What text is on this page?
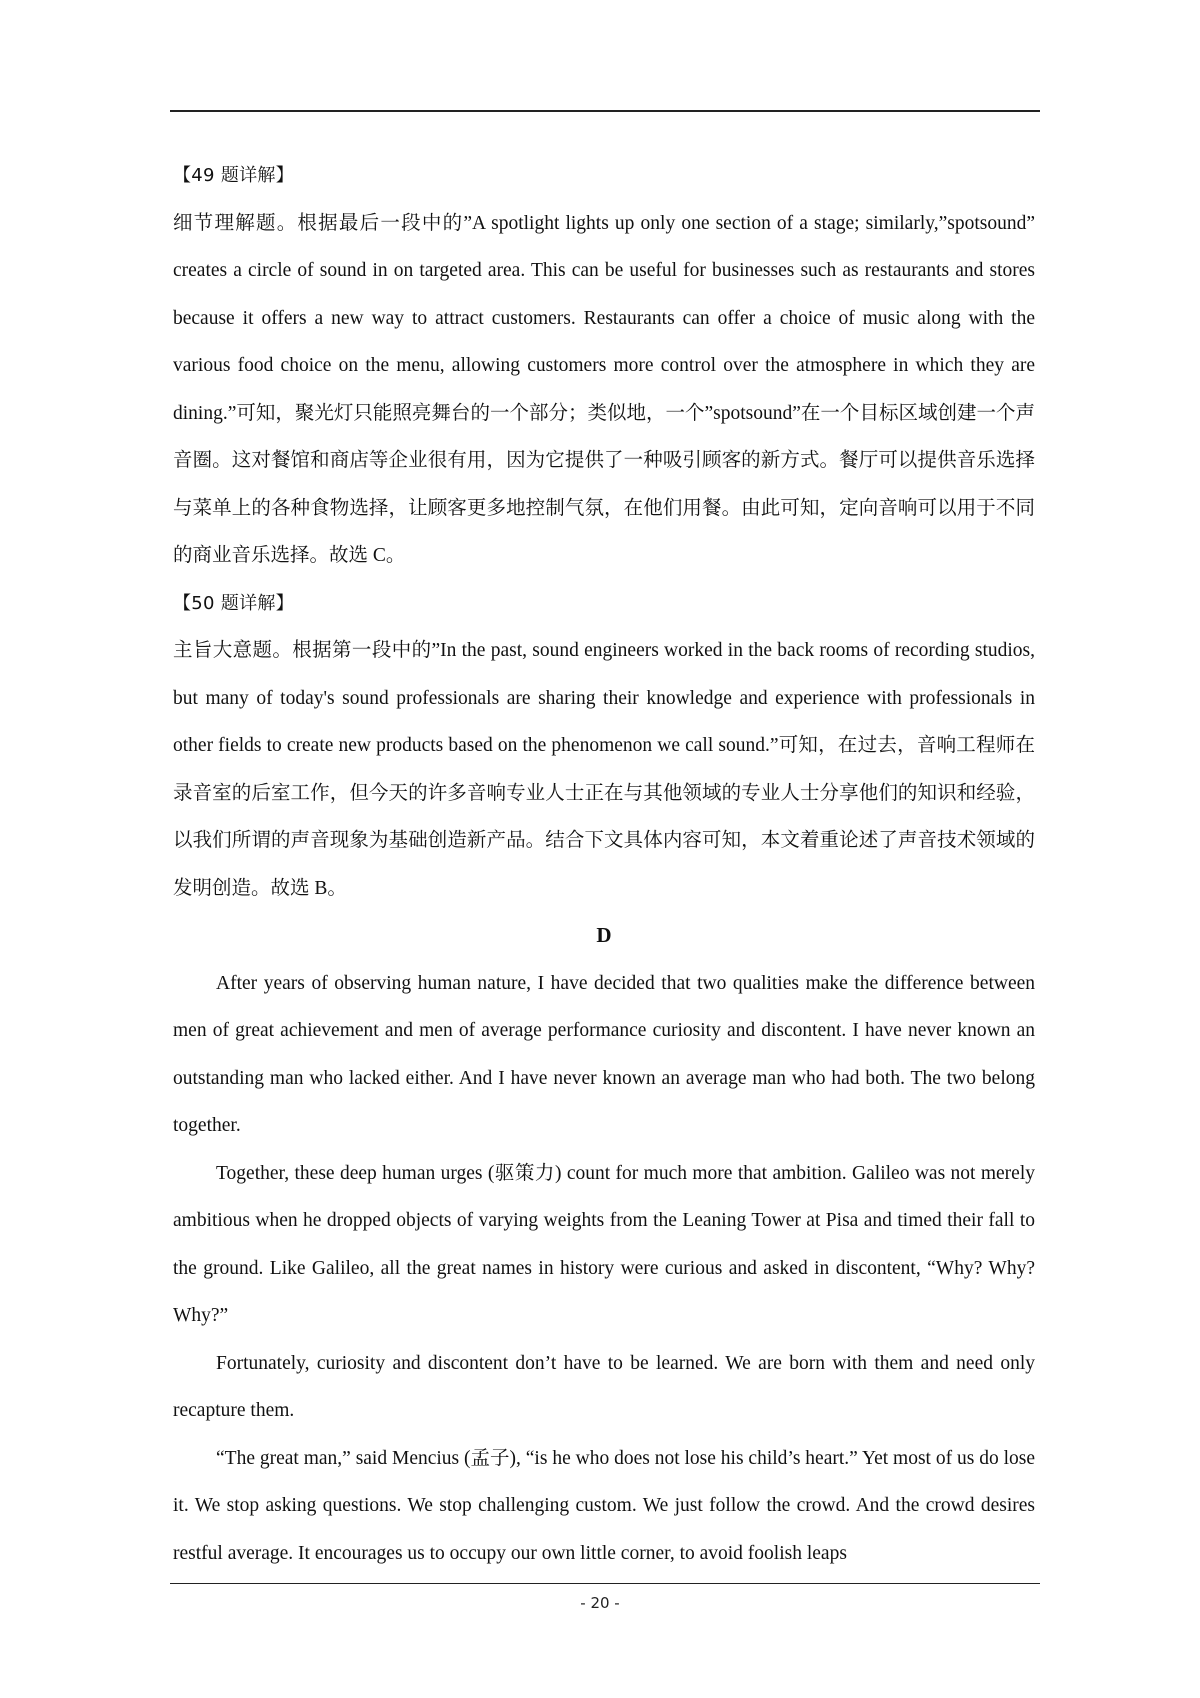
【49 题详解】

细节理解题。根据最后一段中的”A spotlight lights up only one section of a stage; similarly,”spotsound” creates a circle of sound in on targeted area. This can be useful for businesses such as restaurants and stores because it offers a new way to attract customers. Restaurants can offer a choice of music along with the various food choice on the menu, allowing customers more control over the atmosphere in which they are dining.”可知，聚光灯只能照亮舞台的一个部分；类似地，一个”spotsound”在一个目标区域创建一个声音圈。这对餐馆和商店等企业很有用，因为它提供了一种吸引顾客的新方式。餐厅可以提供音乐选择与菜单上的各种食物选择，让顾客更多地控制气氛，在他们用餐。由此可知，定向音响可以用于不同的商业音乐选择。故选 C。

【50 题详解】

主旨大意题。根据第一段中的”In the past, sound engineers worked in the back rooms of recording studios, but many of today's sound professionals are sharing their knowledge and experience with professionals in other fields to create new products based on the phenomenon we call sound.”可知，在过去，音响工程师在录音室的后室工作，但今天的许多音响专业人士正在与其他领域的专业人士分享他们的知识和经验，以我们所谓的声音现象为基础创造新产品。结合下文具体内容可知，本文着重论述了声音技术领域的发明创造。故选 B。

D

After years of observing human nature, I have decided that two qualities make the difference between men of great achievement and men of average performance curiosity and discontent. I have never known an outstanding man who lacked either. And I have never known an average man who had both. The two belong together.

Together, these deep human urges (驱策力) count for much more that ambition. Galileo was not merely ambitious when he dropped objects of varying weights from the Leaning Tower at Pisa and timed their fall to the ground. Like Galileo, all the great names in history were curious and asked in discontent, “Why? Why? Why?”

Fortunately, curiosity and discontent don’t have to be learned. We are born with them and need only recapture them.

“The great man,” said Mencius (孟子), “is he who does not lose his child’s heart.” Yet most of us do lose it. We stop asking questions. We stop challenging custom. We just follow the crowd. And the crowd desires restful average. It encourages us to occupy our own little corner, to avoid foolish leaps

- 20 -
